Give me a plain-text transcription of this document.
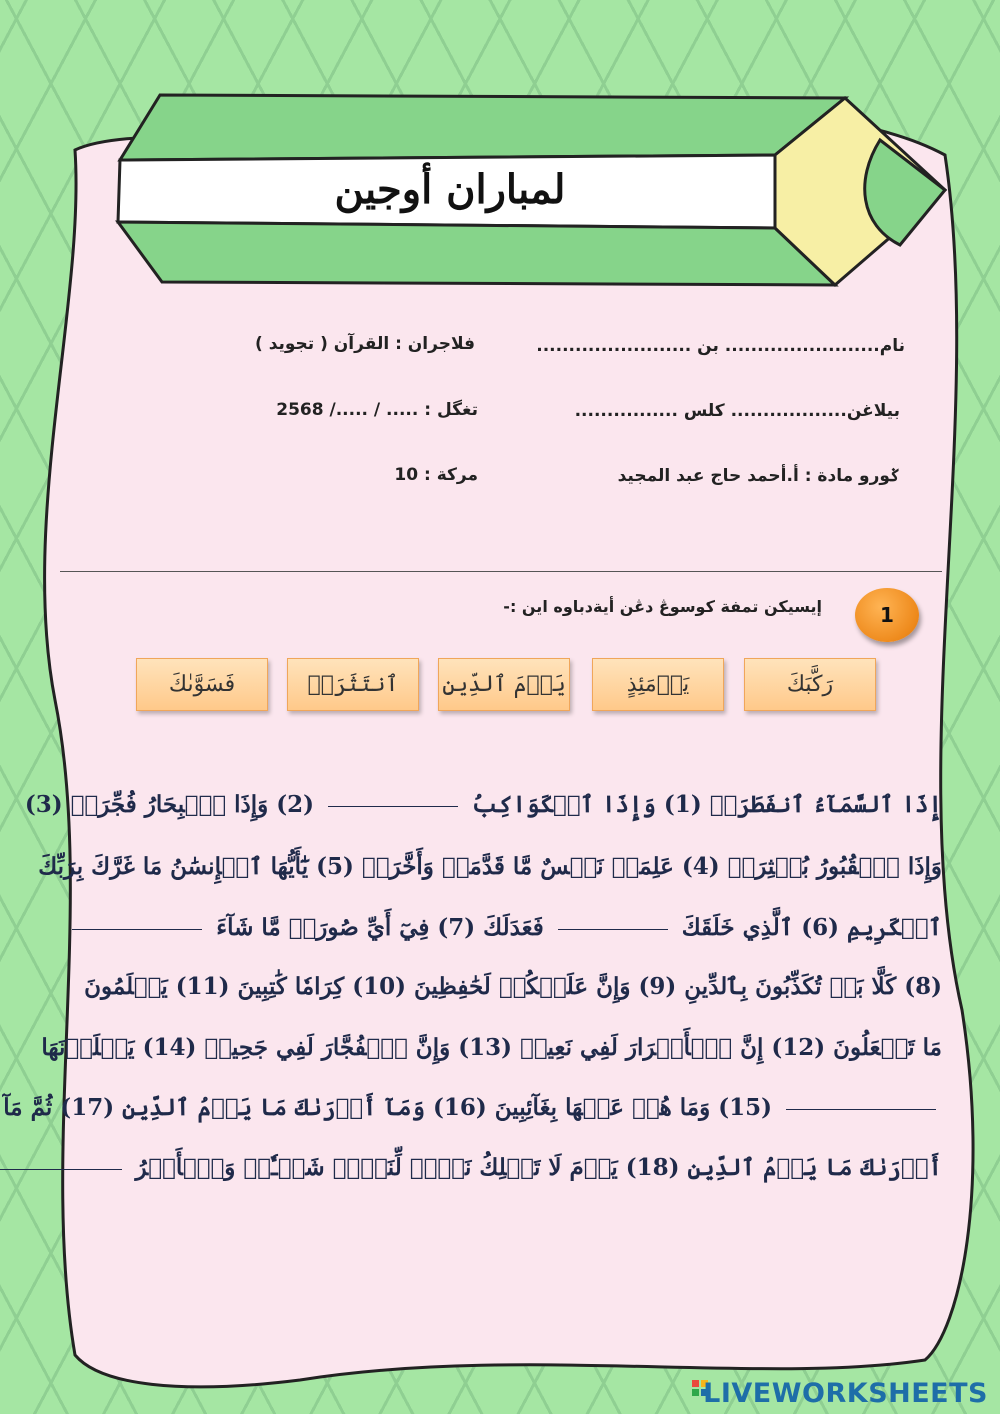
لمباران أوجين
نام........................ بن ........................
فلاجران : القرآن ( تجويد )
بيلاغن.................. كلس ................
تغگل : ..... / ...../ 2568
ݢورو مادة : أ.أحمد حاج عبد المجيد
مركة : 10
1
إيسيكن تمفة كوسوڠ دڠن أيةدباوه اين :-
رَكَّبَكَ
يَوۡمَئِذٍ
يَوۡمَ ٱلدِّينِ
ٱنتَثَرَتۡ
فَسَوَّىٰكَ
إِذَا ٱلسَّمَآءُ ٱنفَطَرَتۡ (1) وَإِذَا ٱلۡكَوَاكِبُ  (2) وَإِذَا ٱلۡبِحَارُ فُجِّرَتۡ (3)
وَإِذَا ٱلۡقُبُورُ بُعۡثِرَتۡ (4) عَلِمَتۡ نَفۡسٌ مَّا قَدَّمَتۡ وَأَخَّرَتۡ (5) يَٰٓأَيُّهَا ٱلۡإِنسَٰنُ مَا غَرَّكَ بِرَبِّكَ
ٱلۡكَرِيمِ (6) ٱلَّذِي خَلَقَكَ  فَعَدَلَكَ (7) فِيٓ أَيِّ صُورَةٖ مَّا شَآءَ
(8) كَلَّا بَلۡ تُكَذِّبُونَ بِٱلدِّينِ (9) وَإِنَّ عَلَيۡكُمۡ لَحَٰفِظِينَ (10) كِرَامٗا كَٰتِبِينَ (11) يَعۡلَمُونَ
مَا تَفۡعَلُونَ (12) إِنَّ ٱلۡأَبۡرَارَ لَفِي نَعِيمٖ (13) وَإِنَّ ٱلۡفُجَّارَ لَفِي جَحِيمٖ (14) يَصۡلَوۡنَهَا
(15) وَمَا هُمۡ عَنۡهَا بِغَآئِبِينَ (16) وَمَآ أَدۡرَىٰكَ مَا يَوۡمُ ٱلدِّينِ (17) ثُمَّ مَآ
أَدۡرَىٰكَ مَا يَوۡمُ ٱلدِّينِ (18) يَوۡمَ لَا تَمۡلِكُ نَفۡسٞ لِّنَفۡسٖ شَيۡـٔٗاۖ وَٱلۡأَمۡرُ
LIVEWORKSHEETS
